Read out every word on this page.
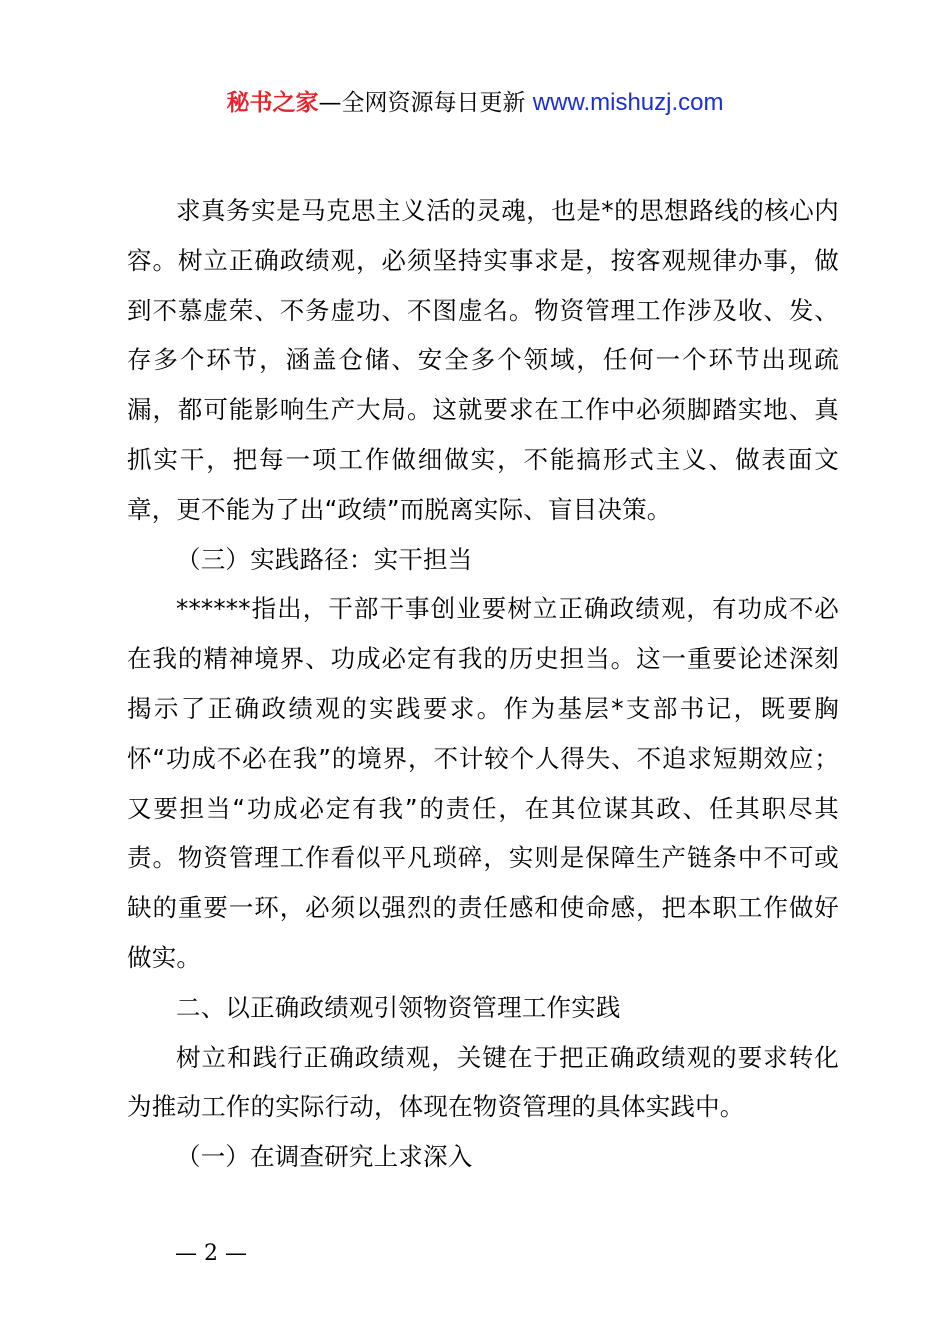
秘书之家—全网资源每日更新 www.mishuzj.com

求真务实是马克思主义活的灵魂，也是*的思想路线的核心内容。树立正确政绩观，必须坚持实事求是，按客观规律办事，做到不慕虚荣、不务虚功、不图虚名。物资管理工作涉及收、发、存多个环节，涵盖仓储、安全多个领域，任何一个环节出现疏漏，都可能影响生产大局。这就要求在工作中必须脚踏实地、真抓实干，把每一项工作做细做实，不能搞形式主义、做表面文章，更不能为了出“政绩”而脱离实际、盲目决策。

（三）实践路径：实干担当

******指出，干部干事创业要树立正确政绩观，有功成不必在我的精神境界、功成必定有我的历史担当。这一重要论述深刻揭示了正确政绩观的实践要求。作为基层*支部书记，既要胸怀“功成不必在我”的境界，不计较个人得失、不追求短期效应；又要担当“功成必定有我”的责任，在其位谋其政、任其职尽其责。物资管理工作看似平凡琐碎，实则是保障生产链条中不可或缺的重要一环，必须以强烈的责任感和使命感，把本职工作做好做实。

二、以正确政绩观引领物资管理工作实践

树立和践行正确政绩观，关键在于把正确政绩观的要求转化为推动工作的实际行动，体现在物资管理的具体实践中。

（一）在调查研究上求深入

— 2 —
